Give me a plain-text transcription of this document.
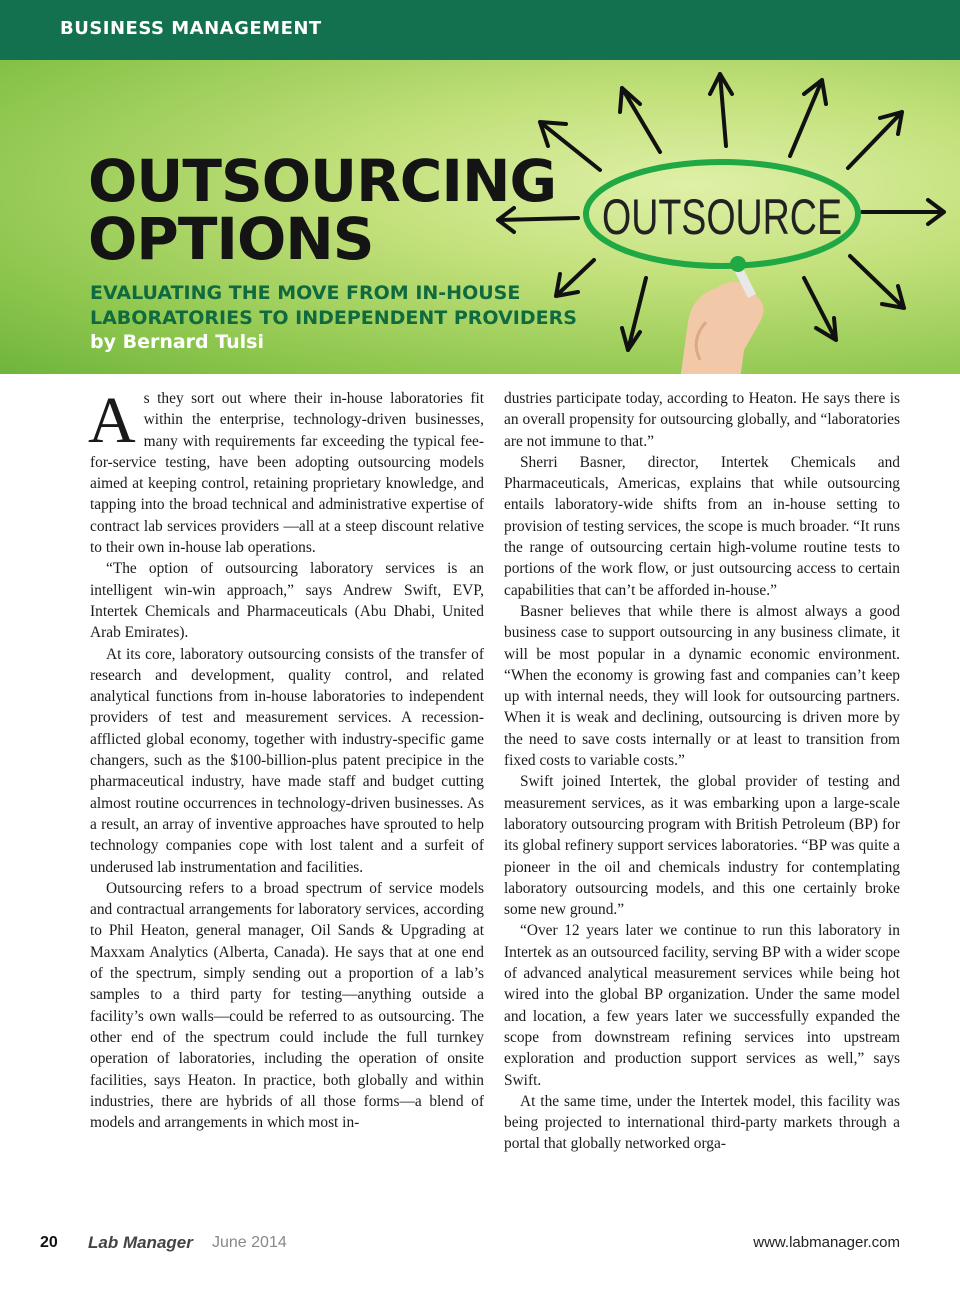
BUSINESS MANAGEMENT
OUTSOURCE
OUTSOURCING
OPTIONS
EVALUATING THE MOVE FROM IN-HOUSE
LABORATORIES TO INDEPENDENT PROVIDERS
by Bernard Tulsi

As they sort out where their in-house laboratories fit within the enterprise, technology-driven businesses, many with requirements far exceeding the typical fee-for-service testing, have been adopting outsourcing models aimed at keeping control, retaining proprietary knowledge, and tapping into the broad technical and administrative expertise of contract lab services providers —all at a steep discount relative to their own in-house lab operations.

“The option of outsourcing laboratory services is an intelligent win-win approach,” says Andrew Swift, EVP, Intertek Chemicals and Pharmaceuticals (Abu Dhabi, United Arab Emirates).

At its core, laboratory outsourcing consists of the transfer of research and development, quality control, and related analytical functions from in-house laboratories to independent providers of test and measurement services. A recession-afflicted global economy, together with industry-specific game changers, such as the $100-billion-plus patent precipice in the pharmaceutical industry, have made staff and budget cutting almost routine occurrences in technology-driven businesses. As a result, an array of inventive approaches have sprouted to help technology companies cope with lost talent and a surfeit of underused lab instrumentation and facilities.

Outsourcing refers to a broad spectrum of service models and contractual arrangements for laboratory services, according to Phil Heaton, general manager, Oil Sands & Upgrading at Maxxam Analytics (Alberta, Canada). He says that at one end of the spectrum, simply sending out a proportion of a lab’s samples to a third party for testing—anything outside a facility’s own walls—could be referred to as outsourcing. The other end of the spectrum could include the full turnkey operation of laboratories, including the operation of onsite facilities, says Heaton. In practice, both globally and within industries, there are hybrids of all those forms—a blend of models and arrangements in which most in-

dustries participate today, according to Heaton. He says there is an overall propensity for outsourcing globally, and “laboratories are not immune to that.”

Sherri Basner, director, Intertek Chemicals and Pharmaceuticals, Americas, explains that while outsourcing entails laboratory-wide shifts from an in-house setting to provision of testing services, the scope is much broader. “It runs the range of outsourcing certain high-volume routine tests to portions of the work flow, or just outsourcing access to certain capabilities that can’t be afforded in-house.”

Basner believes that while there is almost always a good business case to support outsourcing in any business climate, it will be most popular in a dynamic economic environment. “When the economy is growing fast and companies can’t keep up with internal needs, they will look for outsourcing partners. When it is weak and declining, outsourcing is driven more by the need to save costs internally or at least to transition from fixed costs to variable costs.”

Swift joined Intertek, the global provider of testing and measurement services, as it was embarking upon a large-scale laboratory outsourcing program with British Petroleum (BP) for its global refinery support services laboratories. “BP was quite a pioneer in the oil and chemicals industry for contemplating laboratory outsourcing models, and this one certainly broke some new ground.”

“Over 12 years later we continue to run this laboratory in Intertek as an outsourced facility, serving BP with a wider scope of advanced analytical measurement services while being hot wired into the global BP organization. Under the same model and location, a few years later we successfully expanded the scope from downstream refining services into upstream exploration and production support services as well,” says Swift.

At the same time, under the Intertek model, this facility was being projected to international third-party markets through a portal that globally networked orga-

20 Lab Manager June 2014	www.labmanager.com
